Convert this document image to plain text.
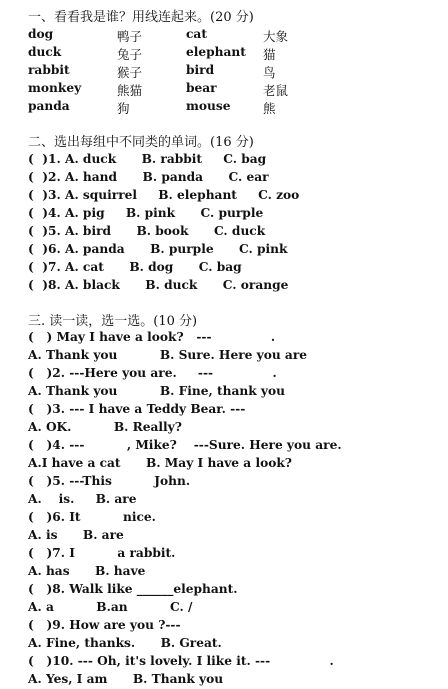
一、看看我是谁？用线连起来。(20 分)
dog	鸭子	cat	大象
duck	兔子	elephant 猫
rabbit	猴子	bird	鸟
monkey	熊猫	bear	老鼠
panda	狗	mouse	熊
二、选出每组中不同类的单词。(16 分)
(  )1. A. duck      B. rabbit     C. bag
(  )2. A. hand      B. panda      C. ear
(  )3. A. squirrel     B. elephant     C. zoo
(  )4. A. pig     B. pink      C. purple
(  )5. A. bird      B. book      C. duck
(  )6. A. panda      B. purple      C. pink
(  )7. A. cat      B. dog      C. bag
(  )8. A. black      B. duck      C. orange
三. 读一读，选一选。(10 分)
(   ) May I have a look?   ---              .
A. Thank you          B. Sure. Here you are
(   )2. ---Here you are.     ---              .
A. Thank you          B. Fine, thank you
(   )3. --- I have a Teddy Bear. ---
A. OK.          B. Really?
(   )4. ---          , Mike?    ---Sure. Here you are.
A.I have a cat      B. May I have a look?
(   )5. ---This          John.
A.    is.     B. are
(   )6. It          nice.
A. is      B. are
(   )7. I          a rabbit.
A. has      B. have
(   )8. Walk like ______elephant.
A. a          B.an          C. /
(   )9. How are you ?---
A. Fine, thanks.      B. Great.
(   )10. --- Oh, it's lovely. I like it. ---              .
A. Yes, I am      B. Thank you
